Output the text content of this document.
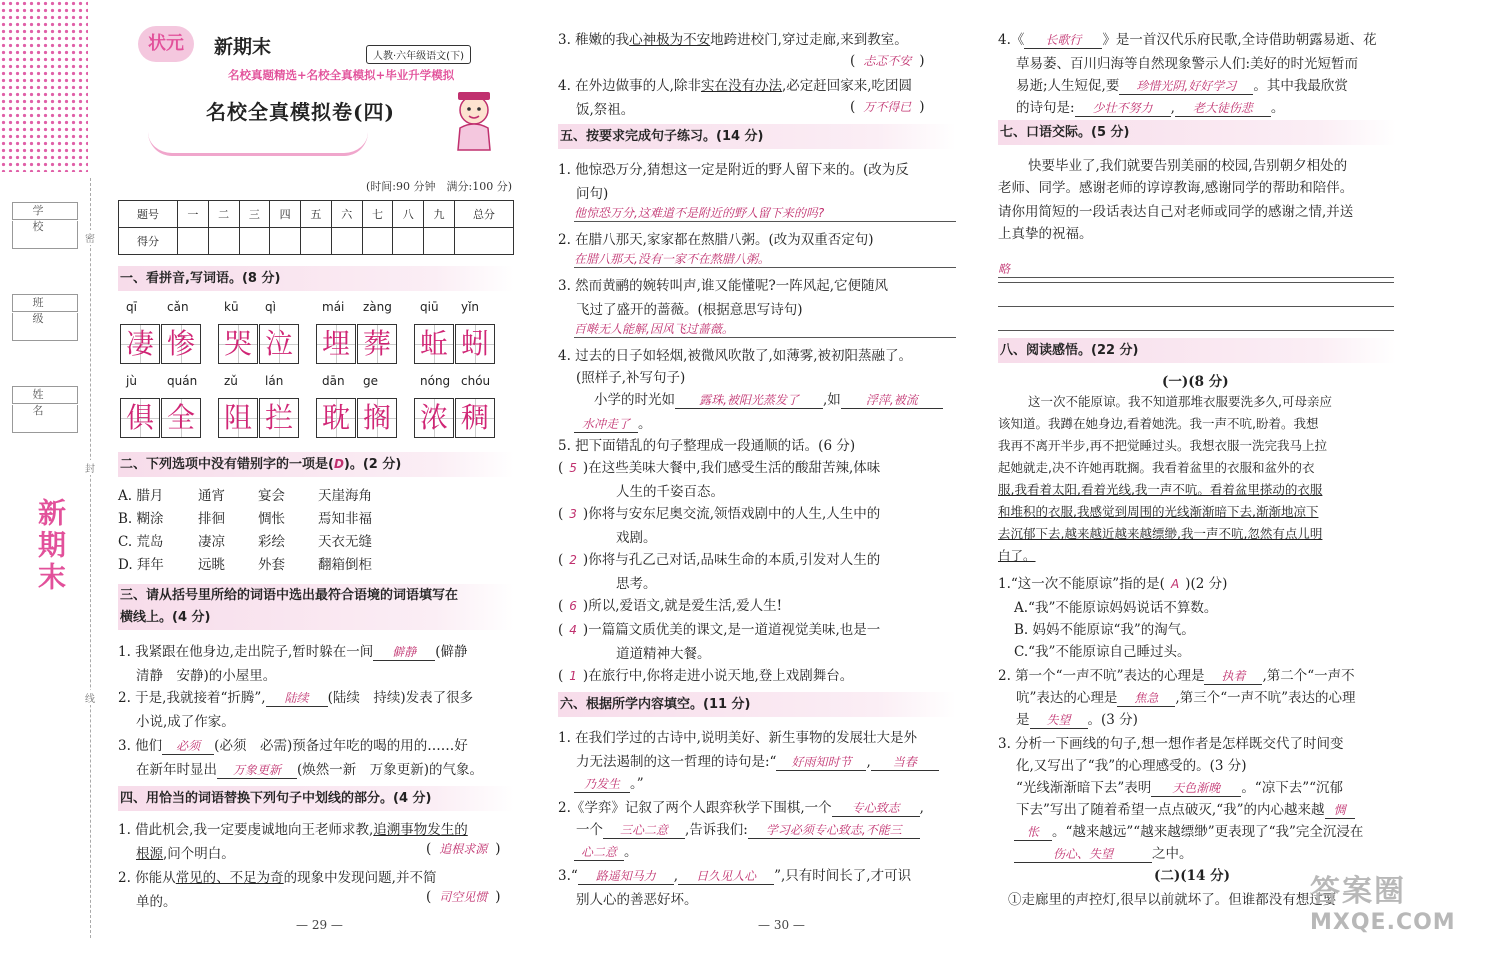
学 校
班 级
姓 名
密
封
线
新期末
状元	新期末	人教·六年级语文(下)
名校真题精选+名校全真模拟+毕业升学模拟
名校全真模拟卷(四)
(时间:90 分钟　满分:100 分)
题号	一	二	三	四	五	六	七	八	九	总分
得分										
一、看拼音,写词语。(8 分)
qī
凄
cǎn
惨
kū
哭
qì
泣
mái
埋
zàng
葬
qiū
蚯
yǐn
蚓
jù
俱
quán
全
zǔ
阻
lán
拦
dān
耽
ge
搁
nóng
浓
chóu
稠
二、下列选项中没有错别字的一项是(D)。(2 分)
A. 腊月	通宵 宴会 天崖海角
B. 糊涂	排徊 惆怅 焉知非福
C. 荒岛	凄凉 彩绘 天衣无缝
D. 拜年	远眺 外套 翻箱倒柜
三、请从括号里所给的词语中选出最符合语境的词语填写在
横线上。(4 分)
1. 我紧跟在他身边,走出院子,暂时躲在一间 僻静 (僻静
清静　安静)的小屋里。
2. 于是,我就接着“折腾”, 陆续 (陆续　持续)发表了很多
小说,成了作家。
3. 他们 必须 (必须　必需)预备过年吃的喝的用的……好
在新年时显出 万象更新 (焕然一新　万象更新)的气象。
四、用恰当的词语替换下列句子中划线的部分。(4 分)
1. 借此机会,我一定要虔诚地向王老师求教,追溯事物发生的
根源,问个明白。	( 追根求源 )
2. 你能从常见的、不足为奇的现象中发现问题,并不简
单的。	( 司空见惯 )
— 29 —
3. 稚嫩的我心神极为不安地跨进校门,穿过走廊,来到教室。
( 忐忑不安 )
4. 在外边做事的人,除非实在没有办法,必定赶回家来,吃团圆
饭,祭祖。	( 万不得已 )
五、按要求完成句子练习。(14 分)
1. 他惊恐万分,猜想这一定是附近的野人留下来的。(改为反
问句)
他惊恐万分,这难道不是附近的野人留下来的吗?
2. 在腊八那天,家家都在熬腊八粥。(改为双重否定句)
在腊八那天,没有一家不在熬腊八粥。
3. 然而黄鹂的婉转叫声,谁又能懂呢?一阵风起,它便随风
飞过了盛开的蔷薇。(根据意思写诗句)
百啭无人能解,因风飞过蔷薇。
4. 过去的日子如轻烟,被微风吹散了,如薄雾,被初阳蒸融了。
(照样子,补写句子)
小学的时光如 露珠,被阳光蒸发了 ,如 浮萍,被流
水冲走了 。
5. 把下面错乱的句子整理成一段通顺的话。(6 分)
( 5 )在这些美味大餐中,我们感受生活的酸甜苦辣,体味
人生的千姿百态。
( 3 )你将与安东尼奥交流,领悟戏剧中的人生,人生中的
戏剧。
( 2 )你将与孔乙己对话,品味生命的本质,引发对人生的
思考。
( 6 )所以,爱语文,就是爱生活,爱人生!
( 4 )一篇篇文质优美的课文,是一道道视觉美味,也是一
道道精神大餐。
( 1 )在旅行中,你将走进小说天地,登上戏剧舞台。
六、根据所学内容填空。(11 分)
1. 在我们学过的古诗中,说明美好、新生事物的发展壮大是外
力无法遏制的这一哲理的诗句是:“ 好雨知时节 , 当春
乃发生 。”
2.《学弈》记叙了两个人跟弈秋学下围棋,一个 专心致志 ,
一个 三心二意 ,告诉我们: 学习必须专心致志,不能三
心二意 。
3.“ 路遥知马力 , 日久见人心 ”,只有时间长了,才可识
别人心的善恶好坏。
— 30 —
4.《 长歌行 》是一首汉代乐府民歌,全诗借助朝露易逝、花
草易萎、百川归海等自然现象警示人们:美好的时光短暂而
易逝;人生短促,要 珍惜光阴,好好学习 。其中我最欣赏
的诗句是: 少壮不努力 , 老大徒伤悲 。
七、口语交际。(5 分)
快要毕业了,我们就要告别美丽的校园,告别朝夕相处的
老师、同学。感谢老师的谆谆教诲,感谢同学的帮助和陪伴。
请你用简短的一段话表达自己对老师或同学的感谢之情,并送
上真挚的祝福。
略
八、阅读感悟。(22 分)
(一)(8 分)
这一次不能原谅。我不知道那堆衣服要洗多久,可母亲应
该知道。我蹲在她身边,看着她洗。我一声不吭,盼着。我想
我再不离开半步,再不把觉睡过头。我想衣服一洗完我马上拉
起她就走,决不许她再耽搁。我看着盆里的衣服和盆外的衣
服,我看着太阳,看着光线,我一声不吭。看着盆里搽动的衣服
和堆积的衣服,我感觉到周围的光线渐渐暗下去,渐渐地凉下
去沉郁下去,越来越近越来越缥缈,我一声不吭,忽然有点儿明
白了。
1.“这一次不能原谅”指的是( A )(2 分)
A.“我”不能原谅妈妈说话不算数。
B. 妈妈不能原谅“我”的淘气。
C.“我”不能原谅自己睡过头。
2. 第一个“一声不吭”表达的心理是 执着 ,第二个“一声不
吭”表达的心理是 焦急 ,第三个“一声不吭”表达的心理
是 失望 。(3 分)
3. 分析一下画线的句子,想一想作者是怎样既交代了时间变
化,又写出了“我”的心理感受的。(3 分)
“光线渐渐暗下去”表明 天色渐晚 。“凉下去”“沉郁
下去”写出了随着希望一点点破灭,“我”的内心越来越 惆
怅 。“越来越远”“越来越缥缈”更表现了“我”完全沉浸在
伤心、失望	之中。
(二)(14 分)
①走廊里的声控灯,很早以前就坏了。但谁都没有想过要
答案圈
MXQE.COM
